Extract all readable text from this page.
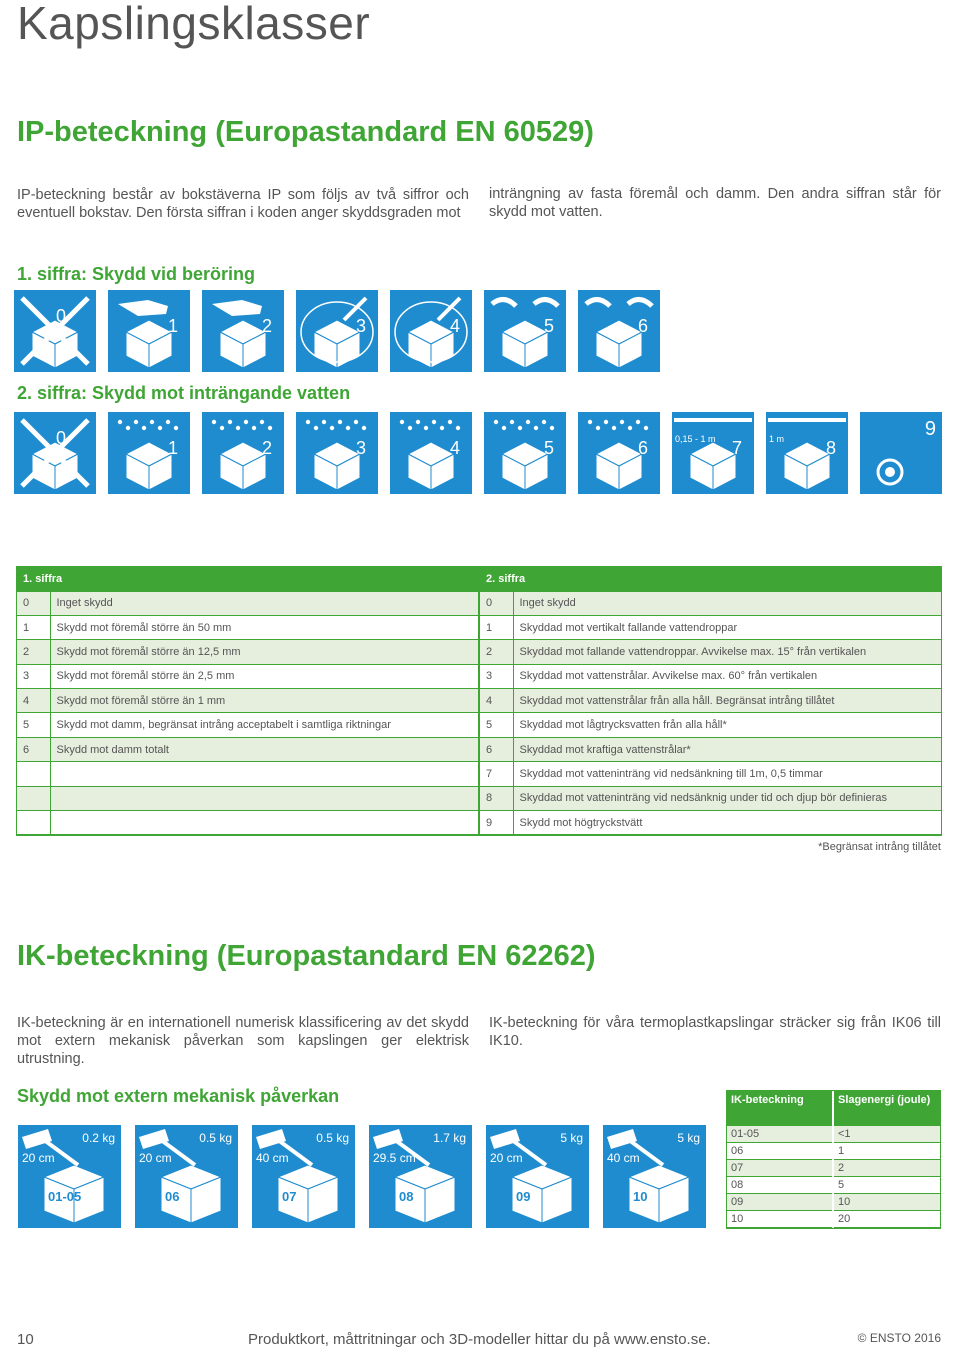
Kapslingsklasser
IP-beteckning (Europastandard EN 60529)
IP-beteckning består av bokstäverna IP som följs av två siffror och eventuell bokstav. Den första siffran i koden anger skyddsgraden mot
inträngning av fasta föremål och damm. Den andra siffran står för skydd mot vatten.
1. siffra: Skydd vid beröring
0	1	2	3	4	5	6
2. siffra: Skydd mot inträngande vatten
0	1	2	3	4	5	6	7
0,15 - 1 m	8
1 m	9
1. siffra	
0	Inget skydd
1	Skydd mot föremål större än 50 mm
2	Skydd mot föremål större än 12,5 mm
3	Skydd mot föremål större än 2,5 mm
4	Skydd mot föremål större än 1 mm
5	Skydd mot damm, begränsat intrång acceptabelt i samtliga riktningar
6	Skydd mot damm totalt

2. siffra	
0	Inget skydd
1	Skyddad mot vertikalt fallande vattendroppar
2	Skyddad mot fallande vattendroppar. Avvikelse max. 15° från vertikalen
3	Skyddad mot vattenstrålar. Avvikelse max. 60° från vertikalen
4	Skyddad mot vattenstrålar från alla håll. Begränsat intrång tillåtet
5	Skyddad mot lågtrycksvatten från alla håll*
6	Skyddad mot kraftiga vattenstrålar*
7	Skyddad mot vatteninträng vid nedsänkning till 1m, 0,5 timmar
8	Skyddad mot vatteninträng vid nedsänknig under tid och djup bör definieras
9	Skydd mot högtryckstvätt
*Begränsat intrång tillåtet
IK-beteckning (Europastandard EN 62262)
IK-beteckning är en internationell numerisk klassificering av det skydd mot extern mekanisk påverkan som kapslingen ger elektrisk utrustning.
IK-beteckning för våra termoplastkapslingar sträcker sig från IK06 till IK10.
Skydd mot extern mekanisk påverkan
0.2 kg
20 cm
01-05
0.5 kg
20 cm
06
0.5 kg
40 cm
07
1.7 kg
29.5 cm
08
5 kg
20 cm
09
5 kg
40 cm
10
IK-beteckning	Slagenergi (joule)
01-05	<1
06	1
07	2
08	5
09	10
10	20
10	Produktkort, måttritningar och 3D-modeller hittar du på www.ensto.se.	© ENSTO 2016
